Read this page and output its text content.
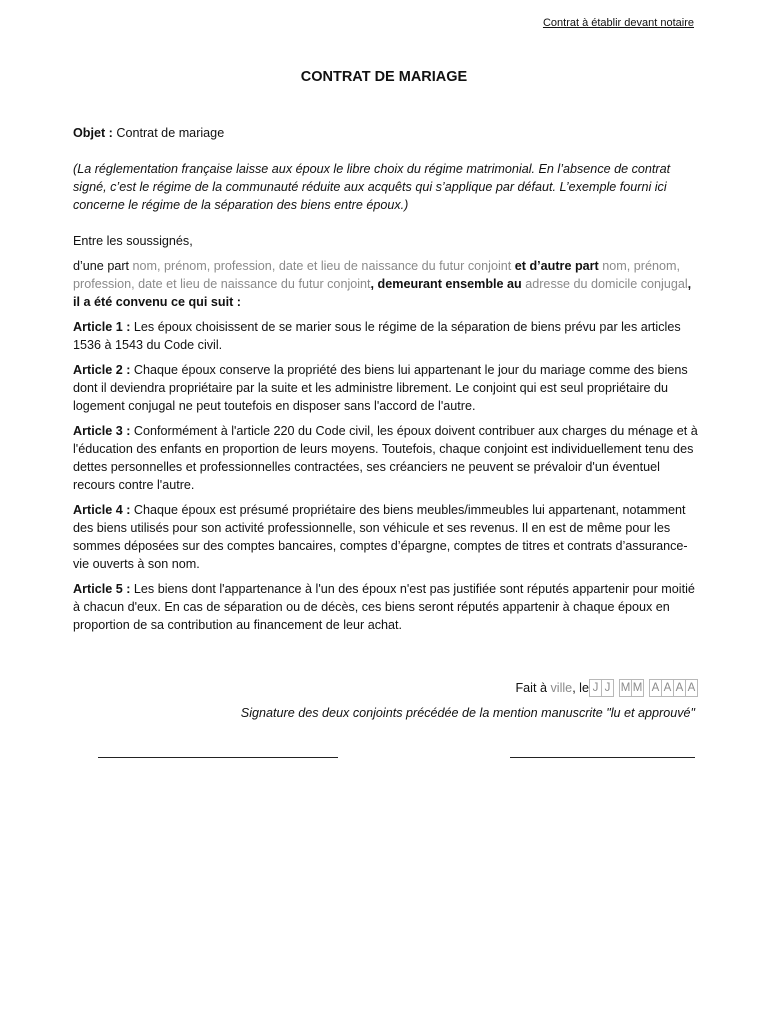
Contrat à établir devant notaire
CONTRAT DE MARIAGE

Objet : Contrat de mariage

(La réglementation française laisse aux époux le libre choix du régime matrimonial. En l’absence de contrat signé, c’est le régime de la communauté réduite aux acquêts qui s’applique par défaut. L’exemple fourni ici concerne le régime de la séparation des biens entre époux.)

Entre les soussignés,

d’une part nom, prénom, profession, date et lieu de naissance du futur conjoint et d’autre part nom, prénom, profession, date et lieu de naissance du futur conjoint, demeurant ensemble au adresse du domicile conjugal, il a été convenu ce qui suit :

Article 1 : Les époux choisissent de se marier sous le régime de la séparation de biens prévu par les articles 1536 à 1543 du Code civil.

Article 2 : Chaque époux conserve la propriété des biens lui appartenant le jour du mariage comme des biens dont il deviendra propriétaire par la suite et les administre librement. Le conjoint qui est seul propriétaire du logement conjugal ne peut toutefois en disposer sans l'accord de l'autre.

Article 3 : Conformément à l'article 220 du Code civil, les époux doivent contribuer aux charges du ménage et à l'éducation des enfants en proportion de leurs moyens. Toutefois, chaque conjoint est individuellement tenu des dettes personnelles et professionnelles contractées, ses créanciers ne peuvent se prévaloir d'un éventuel recours contre l'autre.

Article 4 : Chaque époux est présumé propriétaire des biens meubles/immeubles lui appartenant, notamment des biens utilisés pour son activité professionnelle, son véhicule et ses revenus. Il en est de même pour les sommes déposées sur des comptes bancaires, comptes d’épargne, comptes de titres et contrats d’assurance-vie ouverts à son nom.

Article 5 : Les biens dont l'appartenance à l'un des époux n'est pas justifiée sont réputés appartenir pour moitié à chacun d'eux. En cas de séparation ou de décès, ces biens seront réputés appartenir à chaque époux en proportion de sa contribution au financement de leur achat.

Fait à ville , le J J M M A A A A
Signature des deux conjoints précédée de la mention manuscrite "lu et approuvé"
